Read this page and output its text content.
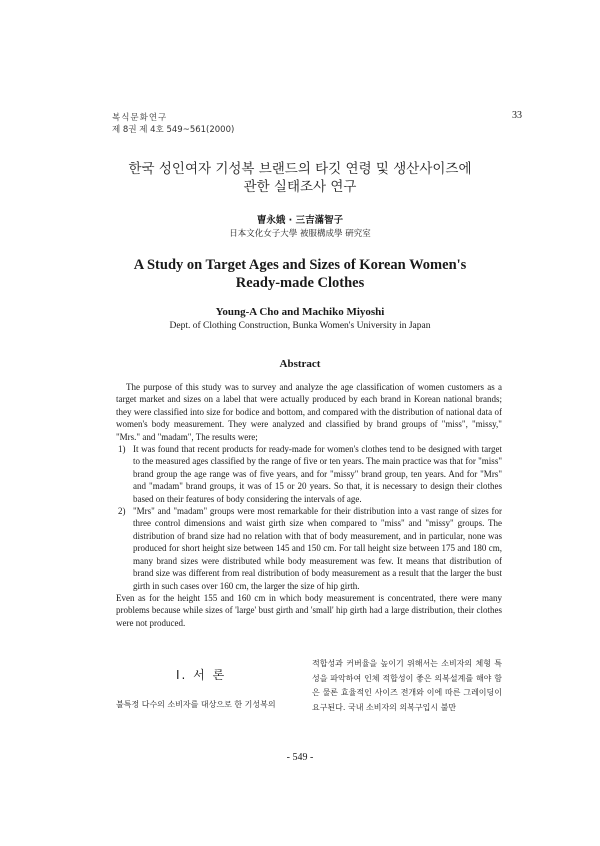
복식문화연구
제 8권 제 4호 549~561(2000)
33
한국 성인여자 기성복 브랜드의 타깃 연령 및 생산사이즈에
관한 실태조사 연구
曺永娥 · 三吉滿智子
日本文化女子大學 被服構成學 硏究室
A Study on Target Ages and Sizes of Korean Women's
Ready-made Clothes
Young-A Cho and Machiko Miyoshi
Dept. of Clothing Construction, Bunka Women's University in Japan
Abstract

The purpose of this study was to survey and analyze the age classification of women customers as a target market and sizes on a label that were actually produced by each brand in Korean national brands; they were classified into size for bodice and bottom, and compared with the distribution of national data of women's body measurement. They were analyzed and classified by brand groups of "miss", "missy," "Mrs." and "madam", The results were;

1) It was found that recent products for ready-made for women's clothes tend to be designed with target to the measured ages classified by the range of five or ten years. The main practice was that for "miss" brand group the age range was of five years, and for "missy" brand group, ten years. And for "Mrs" and "madam" brand groups, it was of 15 or 20 years. So that, it is necessary to design their clothes based on their features of body considering the intervals of age.
2) "Mrs" and "madam" groups were most remarkable for their distribution into a vast range of sizes for three control dimensions and waist girth size when compared to "miss" and "missy" groups. The distribution of brand size had no relation with that of body measurement, and in particular, none was produced for short height size between 145 and 150 cm. For tall height size between 175 and 180 cm, many brand sizes were distributed while body measurement was few. It means that distribution of brand size was different from real distribution of body measurement as a result that the larger the bust girth in such cases over 160 cm, the larger the size of hip girth.

Even as for the height 155 and 160 cm in which body measurement is concentrated, there were many problems because while sizes of 'large' bust girth and 'small' hip girth had a large distribution, their clothes were not produced.

Ⅰ. 서 론
불특정 다수의 소비자를 대상으로 한 기성복의
적합성과 커버율을 높이기 위해서는 소비자의 체형 특성을 파악하여 인체 적합성이 좋은 의복설계를 해야 함은 물론 효율적인 사이즈 전개와 이에 따른 그레이딩이 요구된다. 국내 소비자의 의복구입시 불만
- 549 -
